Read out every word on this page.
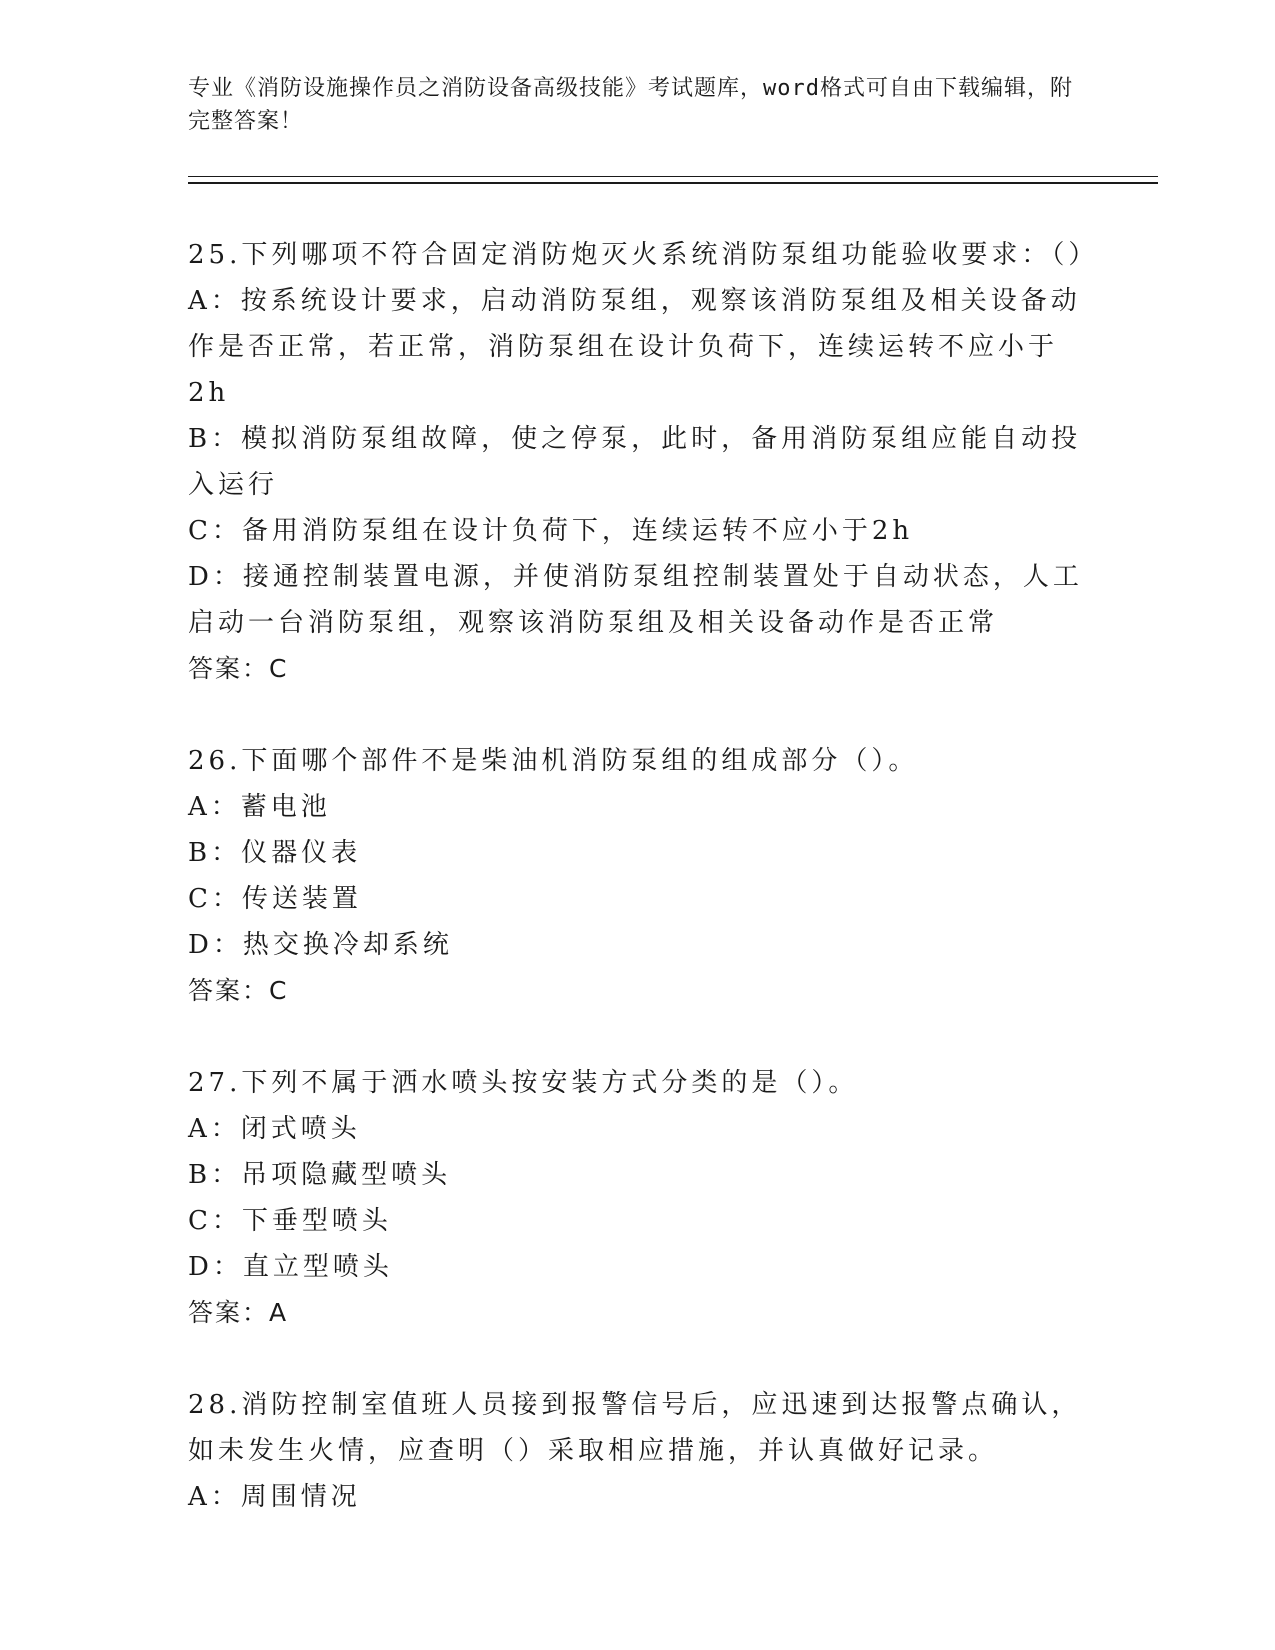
专业《消防设施操作员之消防设备高级技能》考试题库，word格式可自由下载编辑，附完整答案！
25.下列哪项不符合固定消防炮灭火系统消防泵组功能验收要求：（）
A：按系统设计要求，启动消防泵组，观察该消防泵组及相关设备动作是否正常，若正常，消防泵组在设计负荷下，连续运转不应小于2h
B：模拟消防泵组故障，使之停泵，此时，备用消防泵组应能自动投入运行
C：备用消防泵组在设计负荷下，连续运转不应小于2h
D：接通控制装置电源，并使消防泵组控制装置处于自动状态，人工启动一台消防泵组，观察该消防泵组及相关设备动作是否正常
答案：C
26.下面哪个部件不是柴油机消防泵组的组成部分（）。
A：蓄电池
B：仪器仪表
C：传送装置
D：热交换冷却系统
答案：C
27.下列不属于洒水喷头按安装方式分类的是（）。
A：闭式喷头
B：吊项隐藏型喷头
C：下垂型喷头
D：直立型喷头
答案：A
28.消防控制室值班人员接到报警信号后，应迅速到达报警点确认，如未发生火情，应查明（）采取相应措施，并认真做好记录。
A：周围情况
